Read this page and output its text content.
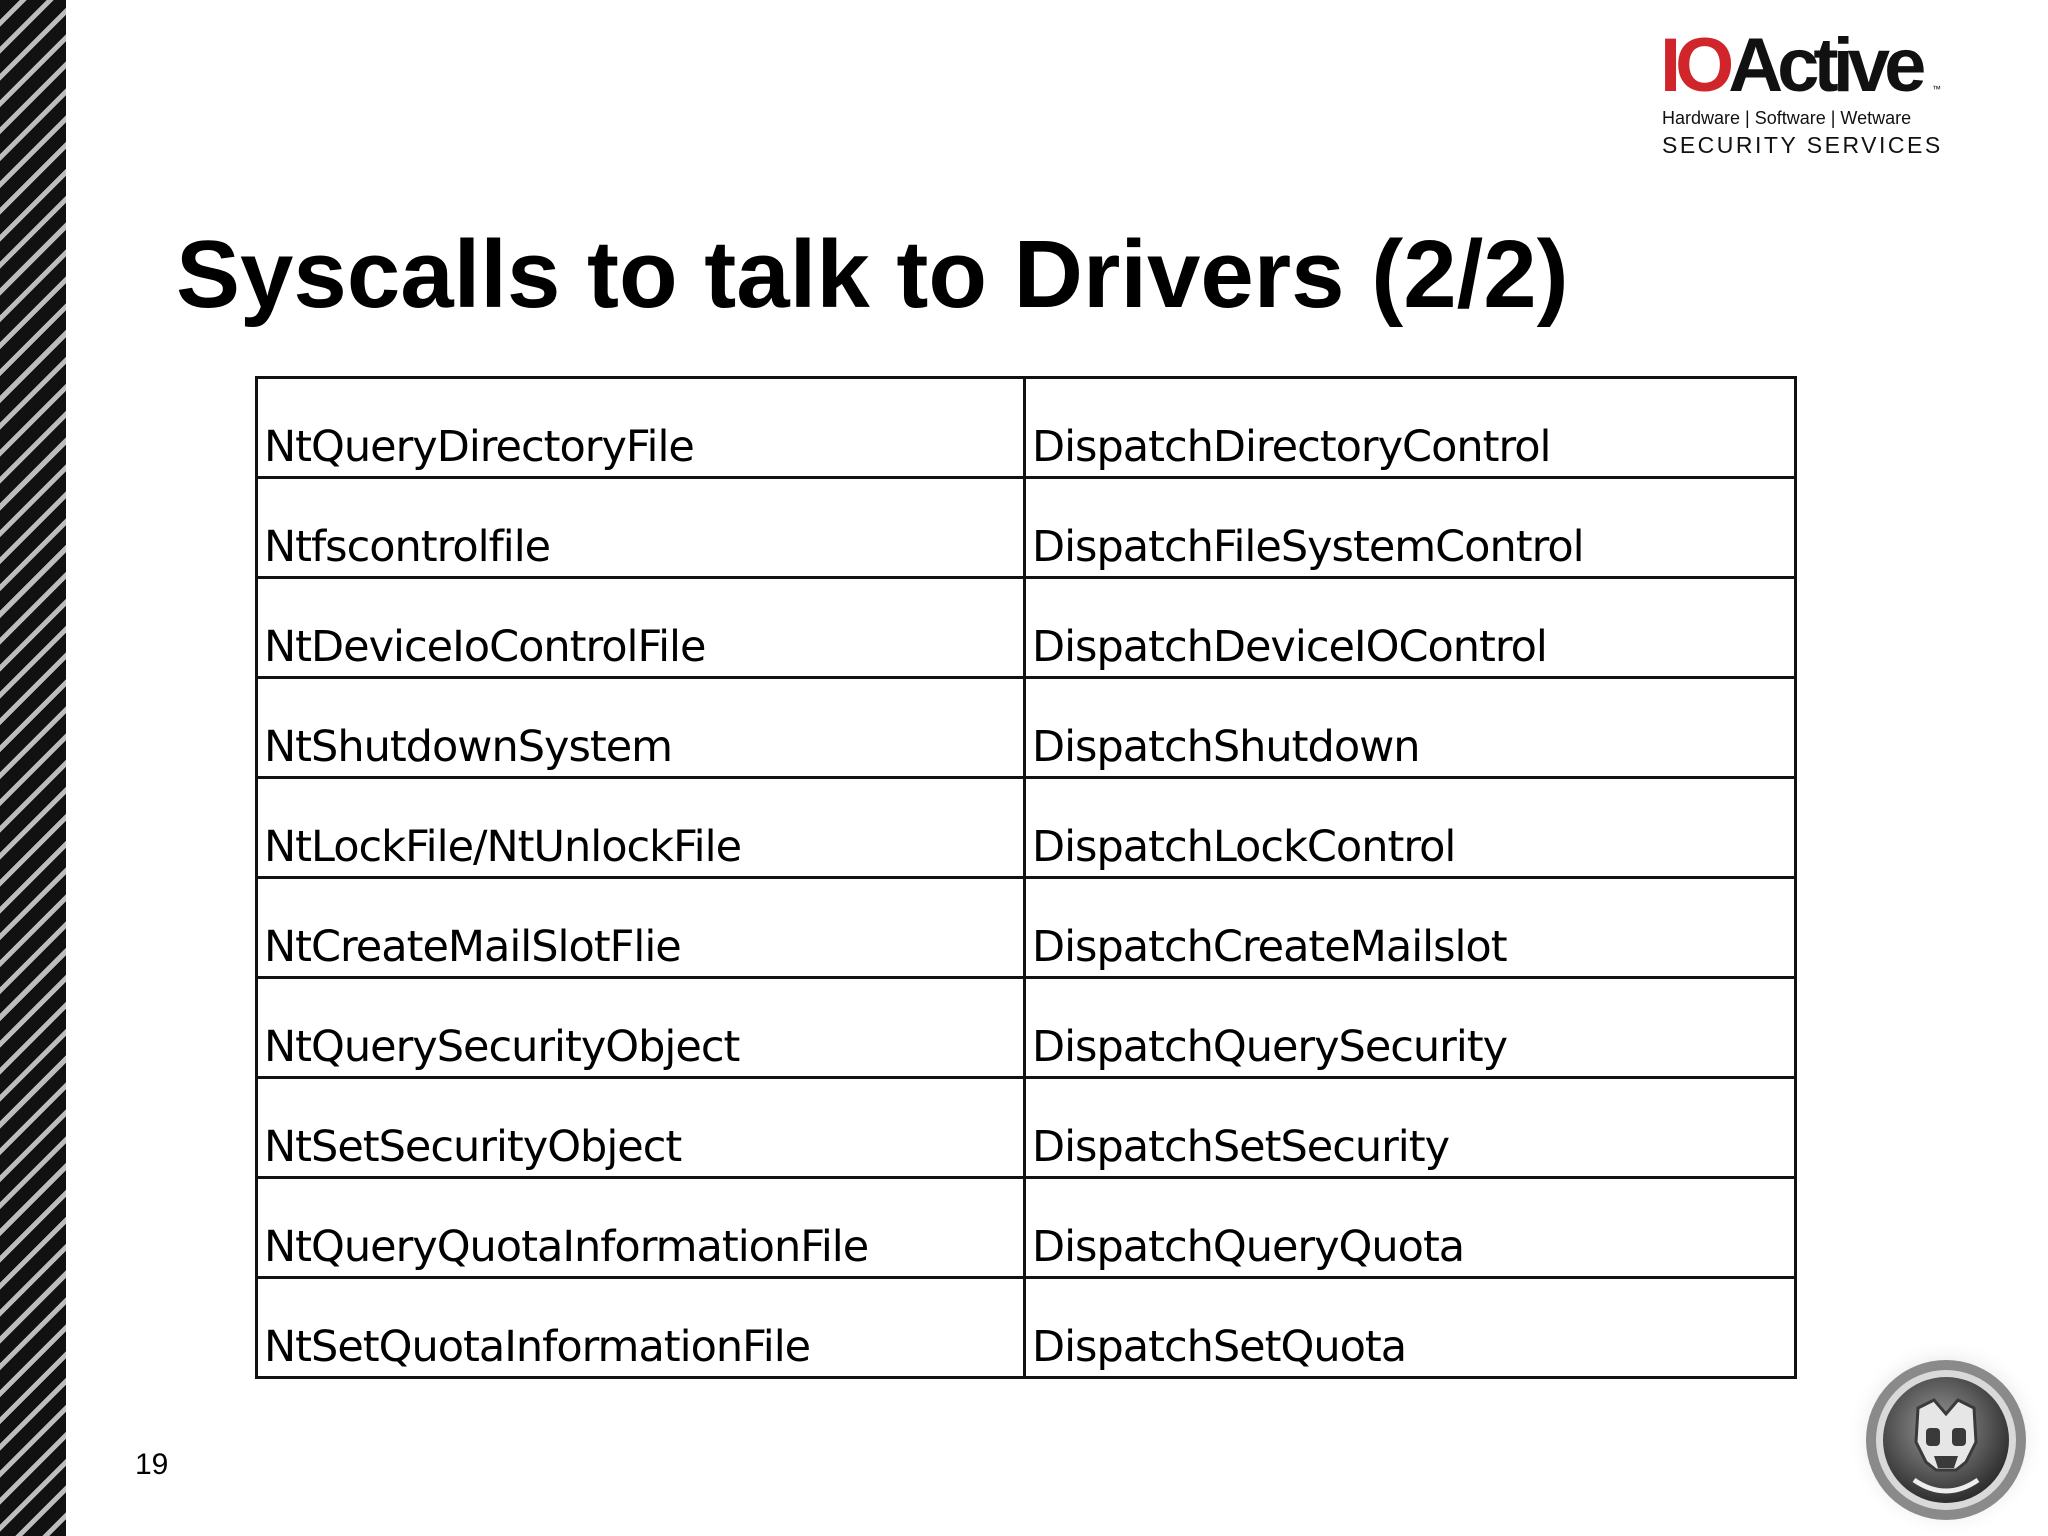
IOActive ™
Hardware | Software | Wetware
SECURITY SERVICES
Syscalls to talk to Drivers (2/2)
NtQueryDirectoryFile	DispatchDirectoryControl
Ntfscontrolfile	DispatchFileSystemControl
NtDeviceIoControlFile	DispatchDeviceIOControl
NtShutdownSystem	DispatchShutdown
NtLockFile/NtUnlockFile	DispatchLockControl
NtCreateMailSlotFlie	DispatchCreateMailslot
NtQuerySecurityObject	DispatchQuerySecurity
NtSetSecurityObject	DispatchSetSecurity
NtQueryQuotaInformationFile	DispatchQueryQuota
NtSetQuotaInformationFile	DispatchSetQuota
19
